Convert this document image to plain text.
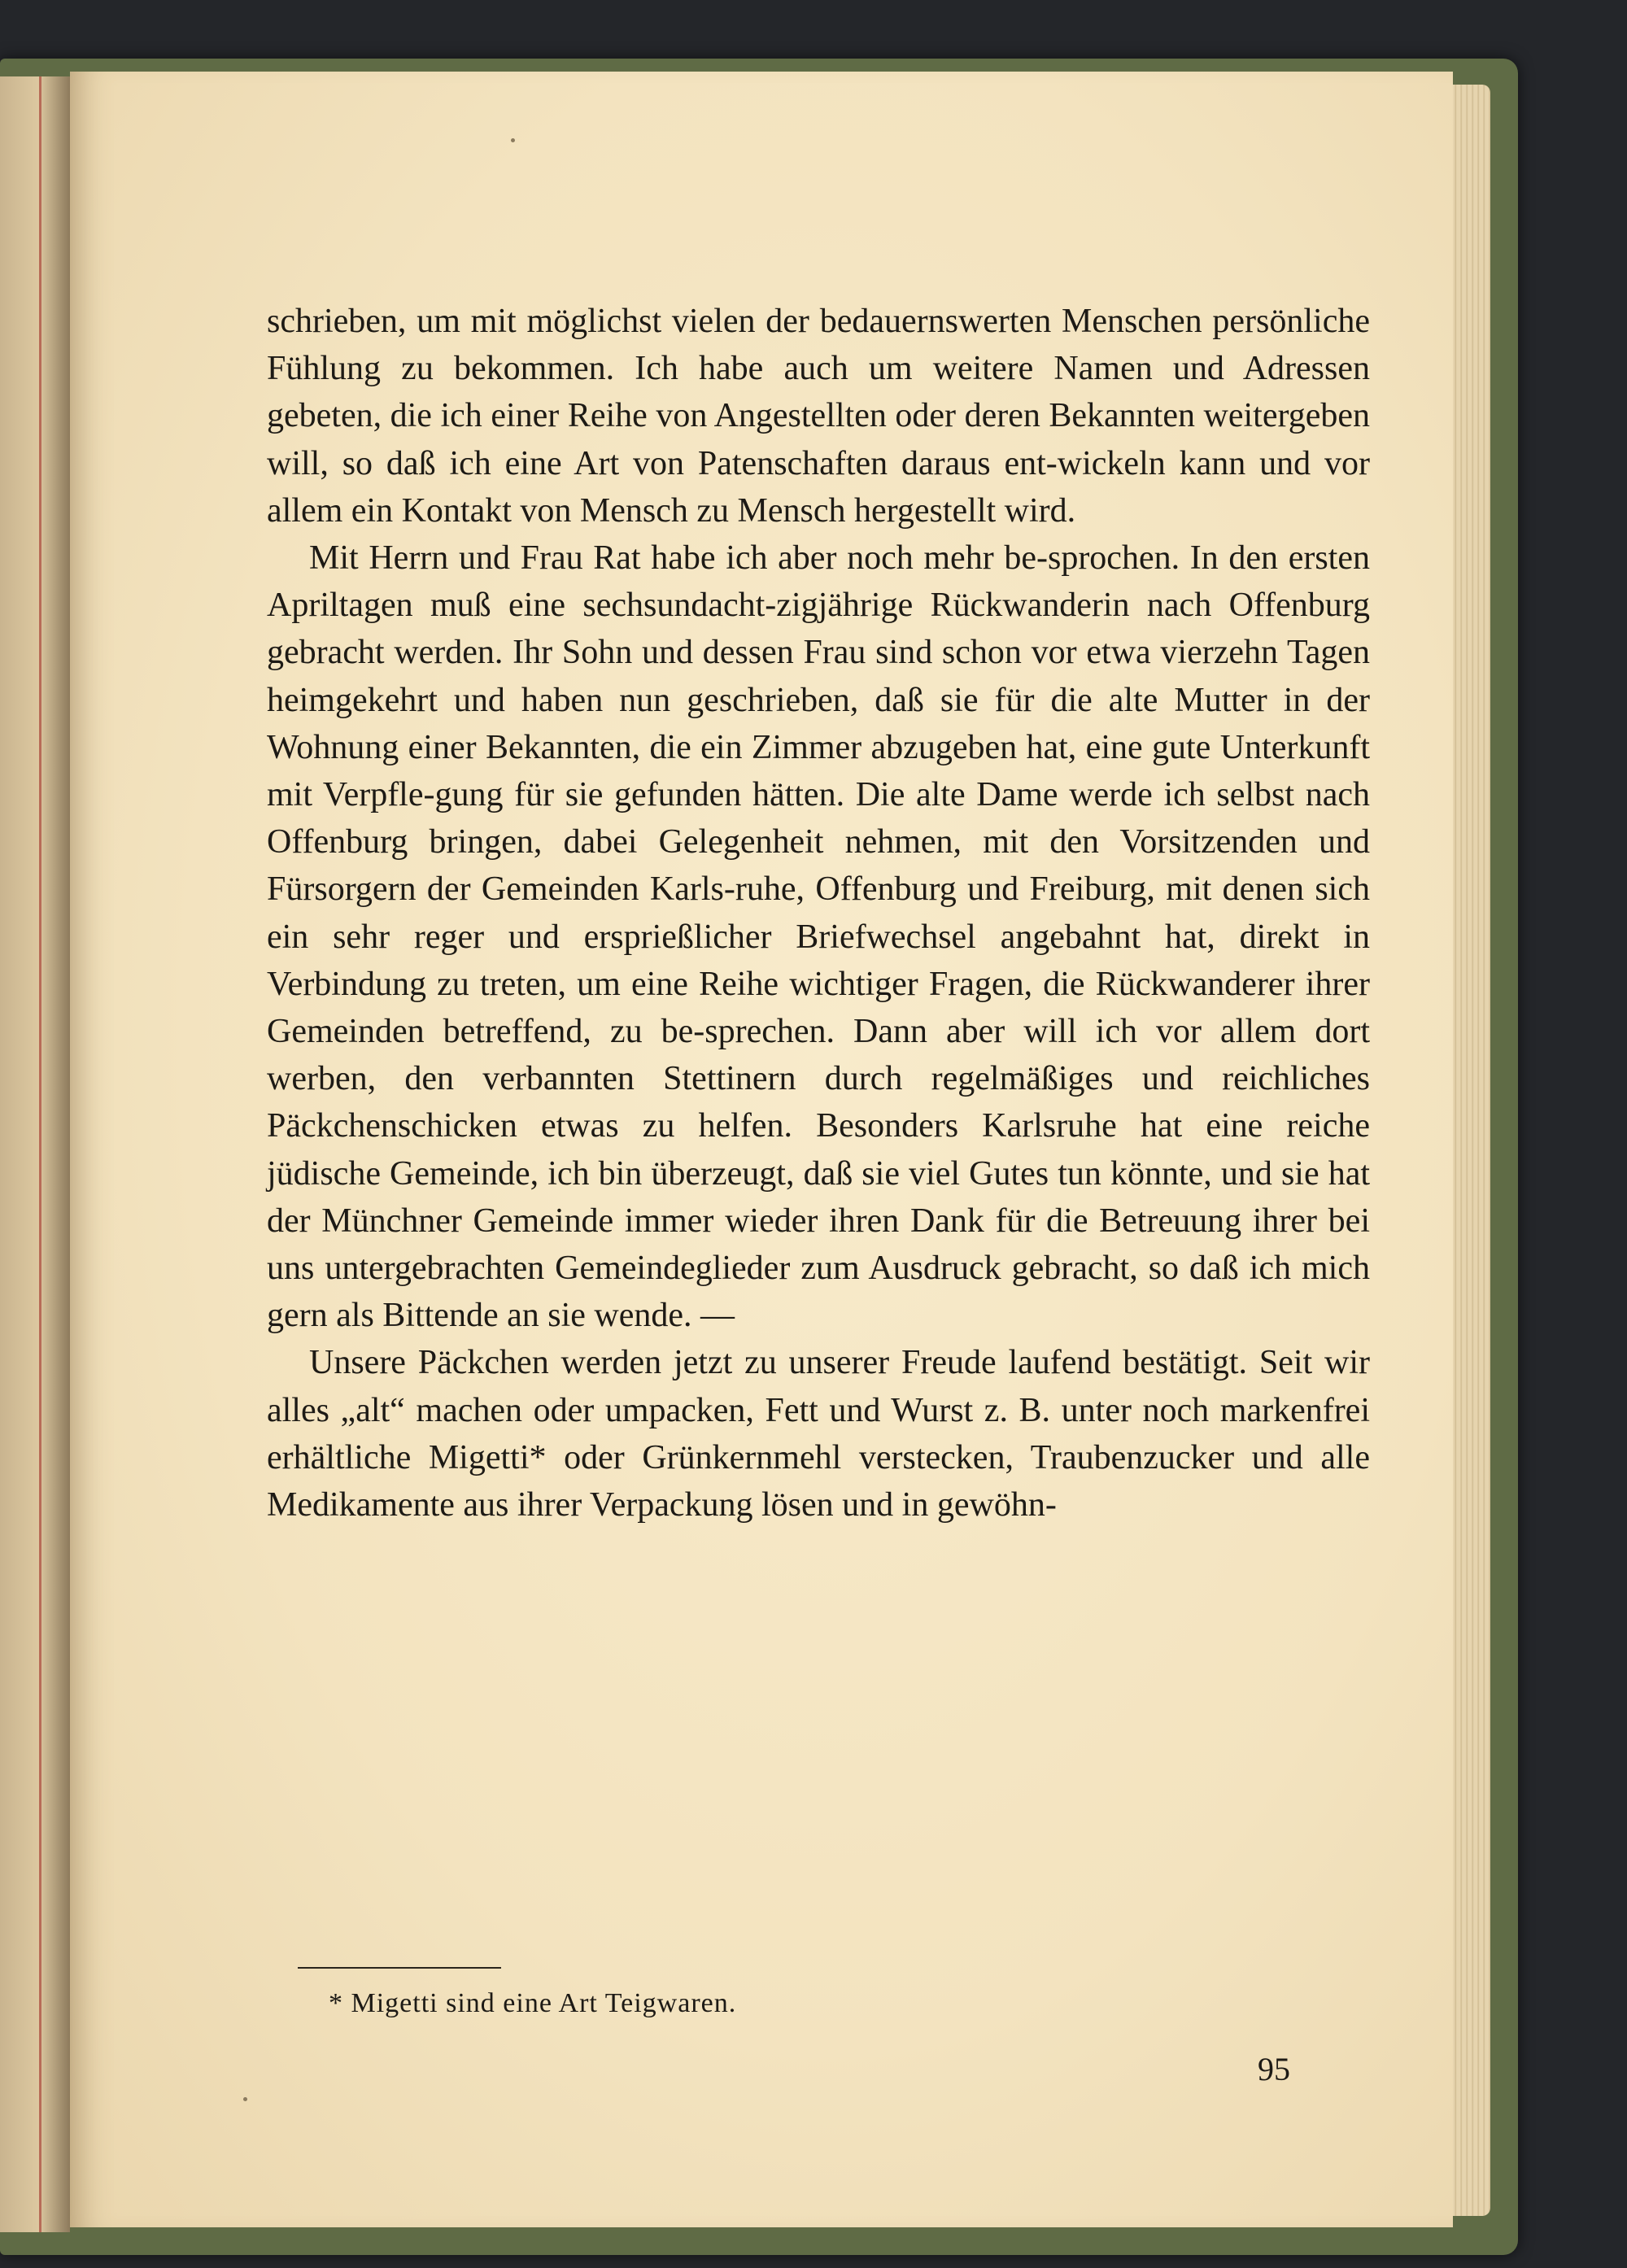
schrieben, um mit möglichst vielen der bedauernswerten Menschen persönliche Fühlung zu bekommen. Ich habe auch um weitere Namen und Adressen gebeten, die ich einer Reihe von Angestellten oder deren Bekannten weitergeben will, so daß ich eine Art von Patenschaften daraus ent-wickeln kann und vor allem ein Kontakt von Mensch zu Mensch hergestellt wird.

Mit Herrn und Frau Rat habe ich aber noch mehr be-sprochen. In den ersten Apriltagen muß eine sechsundacht-zigjährige Rückwanderin nach Offenburg gebracht werden. Ihr Sohn und dessen Frau sind schon vor etwa vierzehn Tagen heimgekehrt und haben nun geschrieben, daß sie für die alte Mutter in der Wohnung einer Bekannten, die ein Zimmer abzugeben hat, eine gute Unterkunft mit Verpfle-gung für sie gefunden hätten. Die alte Dame werde ich selbst nach Offenburg bringen, dabei Gelegenheit nehmen, mit den Vorsitzenden und Fürsorgern der Gemeinden Karls-ruhe, Offenburg und Freiburg, mit denen sich ein sehr reger und ersprießlicher Briefwechsel angebahnt hat, direkt in Verbindung zu treten, um eine Reihe wichtiger Fragen, die Rückwanderer ihrer Gemeinden betreffend, zu be-sprechen. Dann aber will ich vor allem dort werben, den verbannten Stettinern durch regelmäßiges und reichliches Päckchenschicken etwas zu helfen. Besonders Karlsruhe hat eine reiche jüdische Gemeinde, ich bin überzeugt, daß sie viel Gutes tun könnte, und sie hat der Münchner Gemeinde immer wieder ihren Dank für die Betreuung ihrer bei uns untergebrachten Gemeindeglieder zum Ausdruck gebracht, so daß ich mich gern als Bittende an sie wende. —

Unsere Päckchen werden jetzt zu unserer Freude laufend bestätigt. Seit wir alles „alt“ machen oder umpacken, Fett und Wurst z. B. unter noch markenfrei erhältliche Migetti* oder Grünkernmehl verstecken, Traubenzucker und alle Medikamente aus ihrer Verpackung lösen und in gewöhn-

* Migetti sind eine Art Teigwaren.
95
